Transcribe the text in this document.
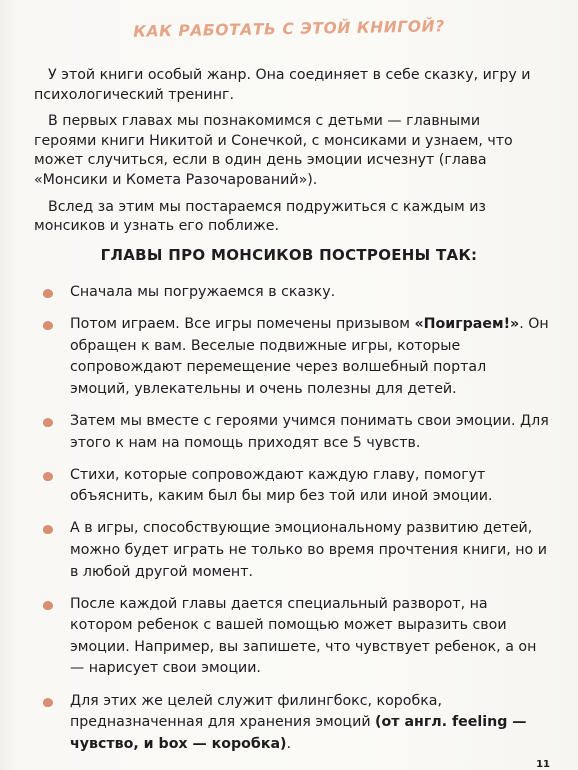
КАК РАБОТАТЬ С ЭТОЙ КНИГОЙ?

У этой книги особый жанр. Она соединяет в себе сказку, игру и психологический тренинг.

В первых главах мы познакомимся с детьми — главными героями книги Никитой и Сонечкой, с монсиками и узнаем, что может случиться, если в один день эмоции исчезнут (глава «Монсики и Комета Разочарований»).

Вслед за этим мы постараемся подружиться с каждым из монсиков и узнать его поближе.

ГЛАВЫ ПРО МОНСИКОВ ПОСТРОЕНЫ ТАК:
Сначала мы погружаемся в сказку.
Потом играем. Все игры помечены призывом «Поиграем!». Он обращен к вам. Веселые подвижные игры, которые сопровождают перемещение через волшебный портал эмоций, увлекательны и очень полезны для детей.
Затем мы вместе с героями учимся понимать свои эмоции. Для этого к нам на помощь приходят все 5 чувств.
Стихи, которые сопровождают каждую главу, помогут объяснить, каким был бы мир без той или иной эмоции.
А в игры, способствующие эмоциональному развитию детей, можно будет играть не только во время прочтения книги, но и в любой другой момент.
После каждой главы дается специальный разворот, на котором ребенок с вашей помощью может выразить свои эмоции. Например, вы запишете, что чувствует ребенок, а он — нарисует свои эмоции.
Для этих же целей служит филингбокс, коробка, предназначенная для хранения эмоций (от англ. feeling — чувство, и box — коробка).
11
